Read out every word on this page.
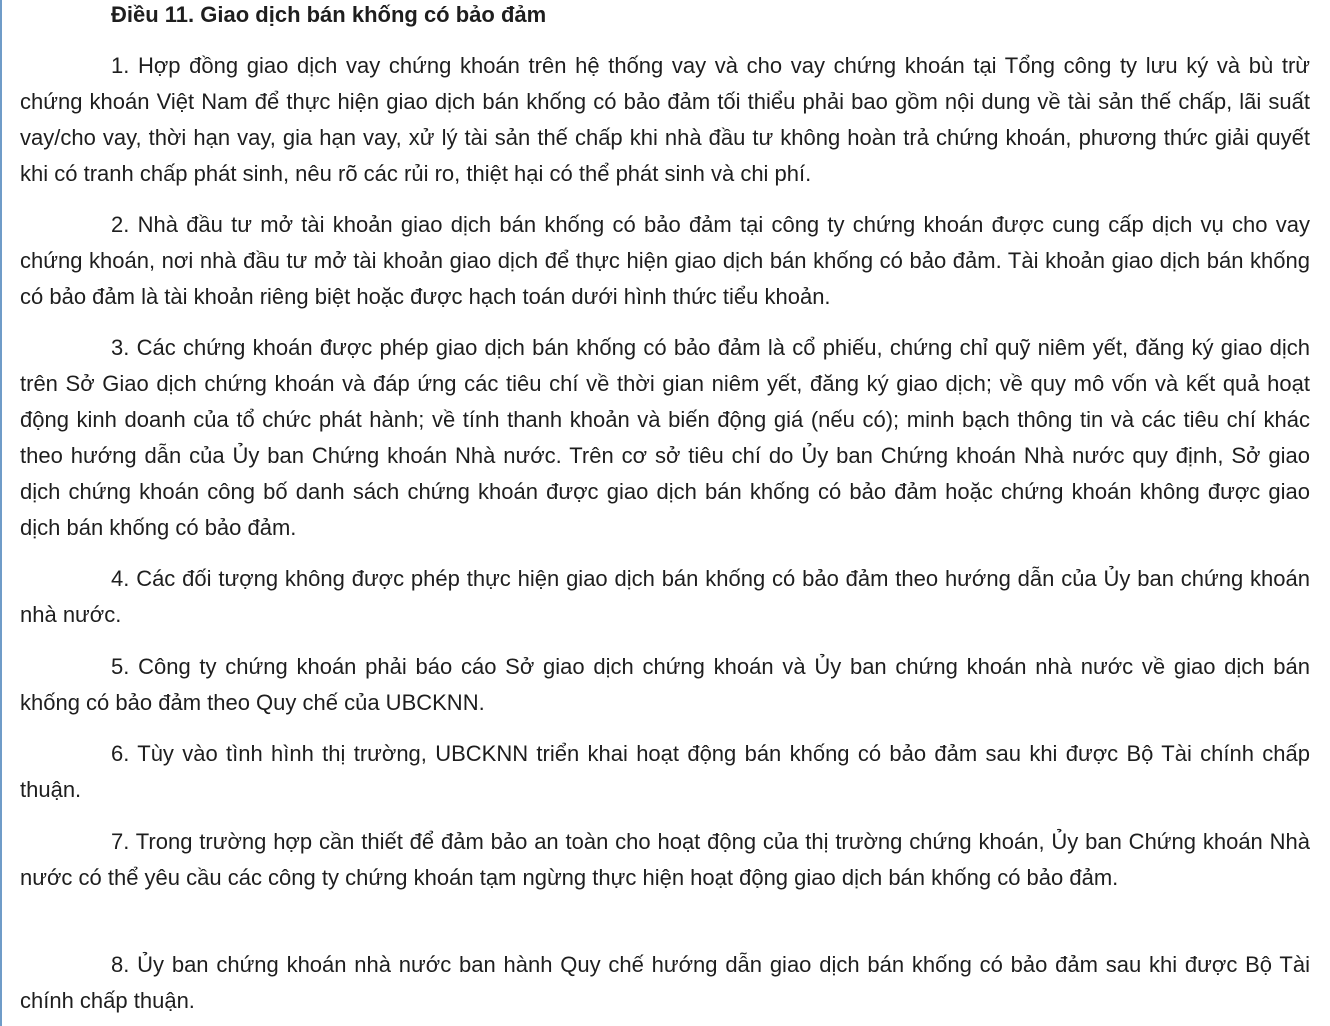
Điều 11. Giao dịch bán khống có bảo đảm

1. Hợp đồng giao dịch vay chứng khoán trên hệ thống vay và cho vay chứng khoán tại Tổng công ty lưu ký và bù trừ chứng khoán Việt Nam để thực hiện giao dịch bán khống có bảo đảm tối thiểu phải bao gồm nội dung về tài sản thế chấp, lãi suất vay/cho vay, thời hạn vay, gia hạn vay, xử lý tài sản thế chấp khi nhà đầu tư không hoàn trả chứng khoán, phương thức giải quyết khi có tranh chấp phát sinh, nêu rõ các rủi ro, thiệt hại có thể phát sinh và chi phí.

2. Nhà đầu tư mở tài khoản giao dịch bán khống có bảo đảm tại công ty chứng khoán được cung cấp dịch vụ cho vay chứng khoán, nơi nhà đầu tư mở tài khoản giao dịch để thực hiện giao dịch bán khống có bảo đảm. Tài khoản giao dịch bán khống có bảo đảm là tài khoản riêng biệt hoặc được hạch toán dưới hình thức tiểu khoản.

3. Các chứng khoán được phép giao dịch bán khống có bảo đảm là cổ phiếu, chứng chỉ quỹ niêm yết, đăng ký giao dịch trên Sở Giao dịch chứng khoán và đáp ứng các tiêu chí về thời gian niêm yết, đăng ký giao dịch; về quy mô vốn và kết quả hoạt động kinh doanh của tổ chức phát hành; về tính thanh khoản và biến động giá (nếu có); minh bạch thông tin và các tiêu chí khác theo hướng dẫn của Ủy ban Chứng khoán Nhà nước. Trên cơ sở tiêu chí do Ủy ban Chứng khoán Nhà nước quy định, Sở giao dịch chứng khoán công bố danh sách chứng khoán được giao dịch bán khống có bảo đảm hoặc chứng khoán không được giao dịch bán khống có bảo đảm.

4. Các đối tượng không được phép thực hiện giao dịch bán khống có bảo đảm theo hướng dẫn của Ủy ban chứng khoán nhà nước.

5. Công ty chứng khoán phải báo cáo Sở giao dịch chứng khoán và Ủy ban chứng khoán nhà nước về giao dịch bán khống có bảo đảm theo Quy chế của UBCKNN.

6. Tùy vào tình hình thị trường, UBCKNN triển khai hoạt động bán khống có bảo đảm sau khi được Bộ Tài chính chấp thuận.

7. Trong trường hợp cần thiết để đảm bảo an toàn cho hoạt động của thị trường chứng khoán, Ủy ban Chứng khoán Nhà nước có thể yêu cầu các công ty chứng khoán tạm ngừng thực hiện hoạt động giao dịch bán khống có bảo đảm.

8. Ủy ban chứng khoán nhà nước ban hành Quy chế hướng dẫn giao dịch bán khống có bảo đảm sau khi được Bộ Tài chính chấp thuận.
